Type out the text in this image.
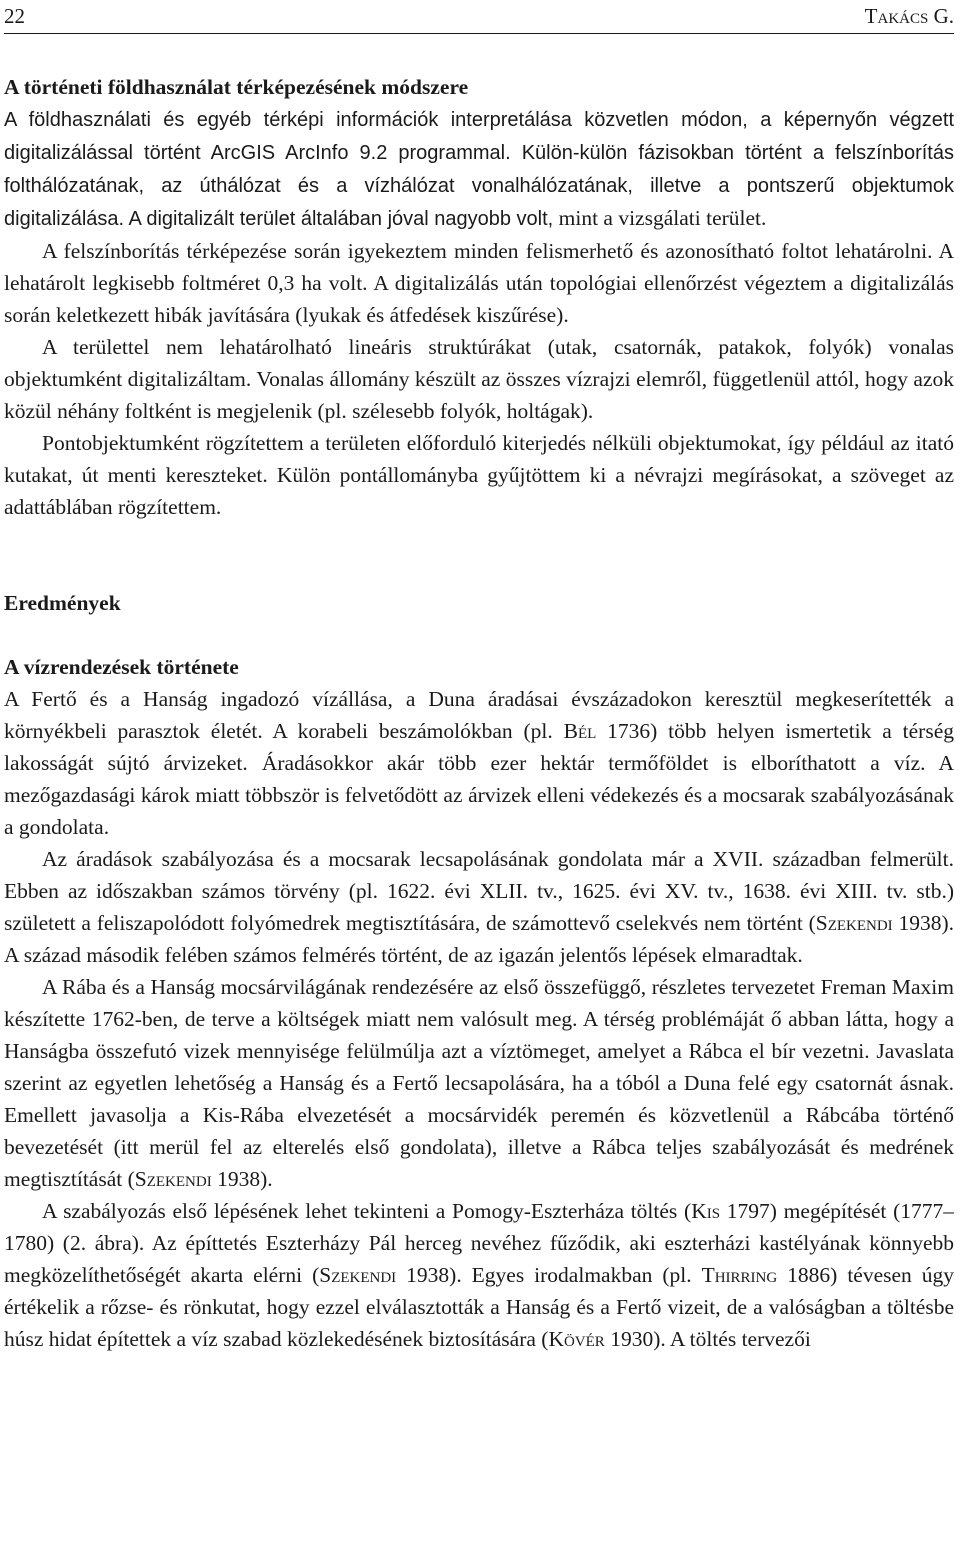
22	Takács G.
A történeti földhasználat térképezésének módszere

A földhasználati és egyéb térképi információk interpretálása közvetlen módon, a képernyőn végzett digitalizálással történt ArcGIS ArcInfo 9.2 programmal. Külön-külön fázisokban történt a felszínborítás folthálózatának, az úthálózat és a vízhálózat vonalhálózatának, illetve a pontszerű objektumok digitalizálása. A digitalizált terület általában jóval nagyobb volt, mint a vizsgálati terület.

A felszínborítás térképezése során igyekeztem minden felismerhető és azonosítható foltot lehatárolni. A lehatárolt legkisebb foltméret 0,3 ha volt. A digitalizálás után topológiai ellenőrzést végeztem a digitalizálás során keletkezett hibák javítására (lyukak és átfedések kiszűrése).

A területtel nem lehatárolható lineáris struktúrákat (utak, csatornák, patakok, folyók) vonalas objektumként digitalizáltam. Vonalas állomány készült az összes vízrajzi elemről, függetlenül attól, hogy azok közül néhány foltként is megjelenik (pl. szélesebb folyók, holtágak).

Pontobjektumként rögzítettem a területen előforduló kiterjedés nélküli objektumokat, így például az itató kutakat, út menti kereszteket. Külön pontállományba gyűjtöttem ki a névrajzi megírásokat, a szöveget az adattáblában rögzítettem.

Eredmények
A vízrendezések története

A Fertő és a Hanság ingadozó vízállása, a Duna áradásai évszázadokon keresztül megkeserítették a környékbeli parasztok életét. A korabeli beszámolókban (pl. Bél 1736) több helyen ismertetik a térség lakosságát sújtó árvizeket. Áradásokkor akár több ezer hektár termőföldet is elboríthatott a víz. A mezőgazdasági károk miatt többször is felvetődött az árvizek elleni védekezés és a mocsarak szabályozásának a gondolata.

Az áradások szabályozása és a mocsarak lecsapolásának gondolata már a XVII. században felmerült. Ebben az időszakban számos törvény (pl. 1622. évi XLII. tv., 1625. évi XV. tv., 1638. évi XIII. tv. stb.) született a feliszapolódott folyómedrek megtisztítására, de számottevő cselekvés nem történt (Szekendi 1938). A század második felében számos felmérés történt, de az igazán jelentős lépések elmaradtak.

A Rába és a Hanság mocsárvilágának rendezésére az első összefüggő, részletes tervezetet Freman Maxim készítette 1762-ben, de terve a költségek miatt nem valósult meg. A térség problémáját ő abban látta, hogy a Hanságba összefutó vizek mennyisége felülmúlja azt a víztömeget, amelyet a Rábca el bír vezetni. Javaslata szerint az egyetlen lehetőség a Hanság és a Fertő lecsapolására, ha a tóból a Duna felé egy csatornát ásnak. Emellett javasolja a Kis-Rába elvezetését a mocsárvidék peremén és közvetlenül a Rábcába történő bevezetését (itt merül fel az elterelés első gondolata), illetve a Rábca teljes szabályozását és medrének megtisztítását (Szekendi 1938).

A szabályozás első lépésének lehet tekinteni a Pomogy-Eszterháza töltés (Kis 1797) megépítését (1777–1780) (2. ábra). Az építtetés Eszterházy Pál herceg nevéhez fűződik, aki eszterházi kastélyának könnyebb megközelíthetőségét akarta elérni (Szekendi 1938). Egyes irodalmakban (pl. Thirring 1886) tévesen úgy értékelik a rőzse- és rönkutat, hogy ezzel elválasztották a Hanság és a Fertő vizeit, de a valóságban a töltésbe húsz hidat építettek a víz szabad közlekedésének biztosítására (Kövér 1930). A töltés tervezői
